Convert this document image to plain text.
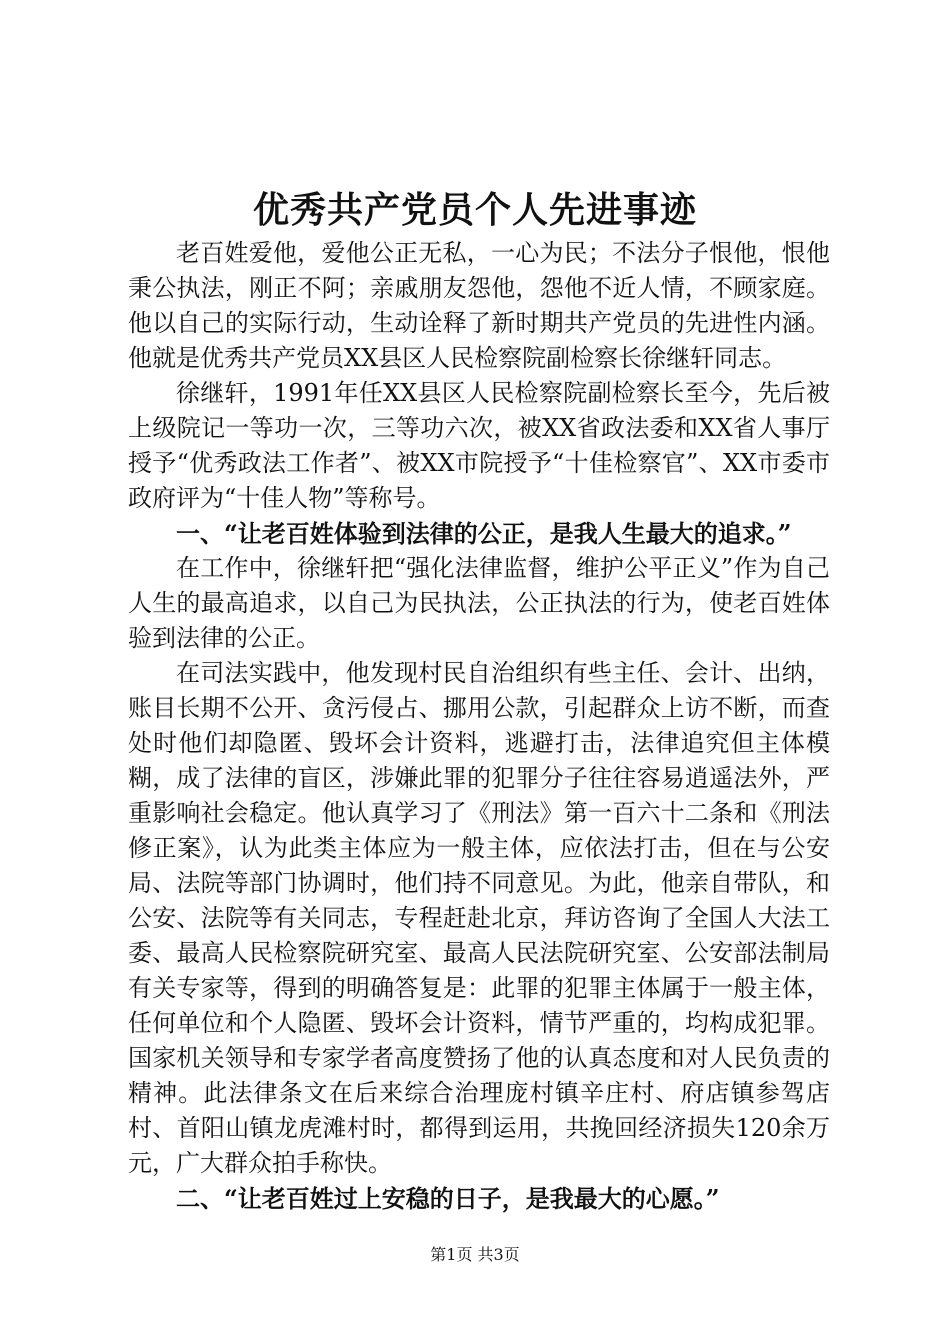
优秀共产党员个人先进事迹

老百姓爱他，爱他公正无私，一心为民；不法分子恨他，恨他秉公执法，刚正不阿；亲戚朋友怨他，怨他不近人情，不顾家庭。他以自己的实际行动，生动诠释了新时期共产党员的先进性内涵。他就是优秀共产党员XX县区人民检察院副检察长徐继轩同志。

徐继轩，1991年任XX县区人民检察院副检察长至今，先后被上级院记一等功一次，三等功六次，被XX省政法委和XX省人事厅授予“优秀政法工作者”、被XX市院授予“十佳检察官”、XX市委市政府评为“十佳人物”等称号。

一、“让老百姓体验到法律的公正，是我人生最大的追求。”

在工作中，徐继轩把“强化法律监督，维护公平正义”作为自己人生的最高追求，以自己为民执法，公正执法的行为，使老百姓体验到法律的公正。

在司法实践中，他发现村民自治组织有些主任、会计、出纳，账目长期不公开、贪污侵占、挪用公款，引起群众上访不断，而查处时他们却隐匿、毁坏会计资料，逃避打击，法律追究但主体模糊，成了法律的盲区，涉嫌此罪的犯罪分子往往容易逍遥法外，严重影响社会稳定。他认真学习了《刑法》第一百六十二条和《刑法修正案》，认为此类主体应为一般主体，应依法打击，但在与公安局、法院等部门协调时，他们持不同意见。为此，他亲自带队，和公安、法院等有关同志，专程赶赴北京，拜访咨询了全国人大法工委、最高人民检察院研究室、最高人民法院研究室、公安部法制局有关专家等，得到的明确答复是：此罪的犯罪主体属于一般主体，任何单位和个人隐匿、毁坏会计资料，情节严重的，均构成犯罪。国家机关领导和专家学者高度赞扬了他的认真态度和对人民负责的精神。此法律条文在后来综合治理庞村镇辛庄村、府店镇参驾店村、首阳山镇龙虎滩村时，都得到运用，共挽回经济损失120余万元，广大群众拍手称快。

二、“让老百姓过上安稳的日子，是我最大的心愿。”

第1页 共3页
